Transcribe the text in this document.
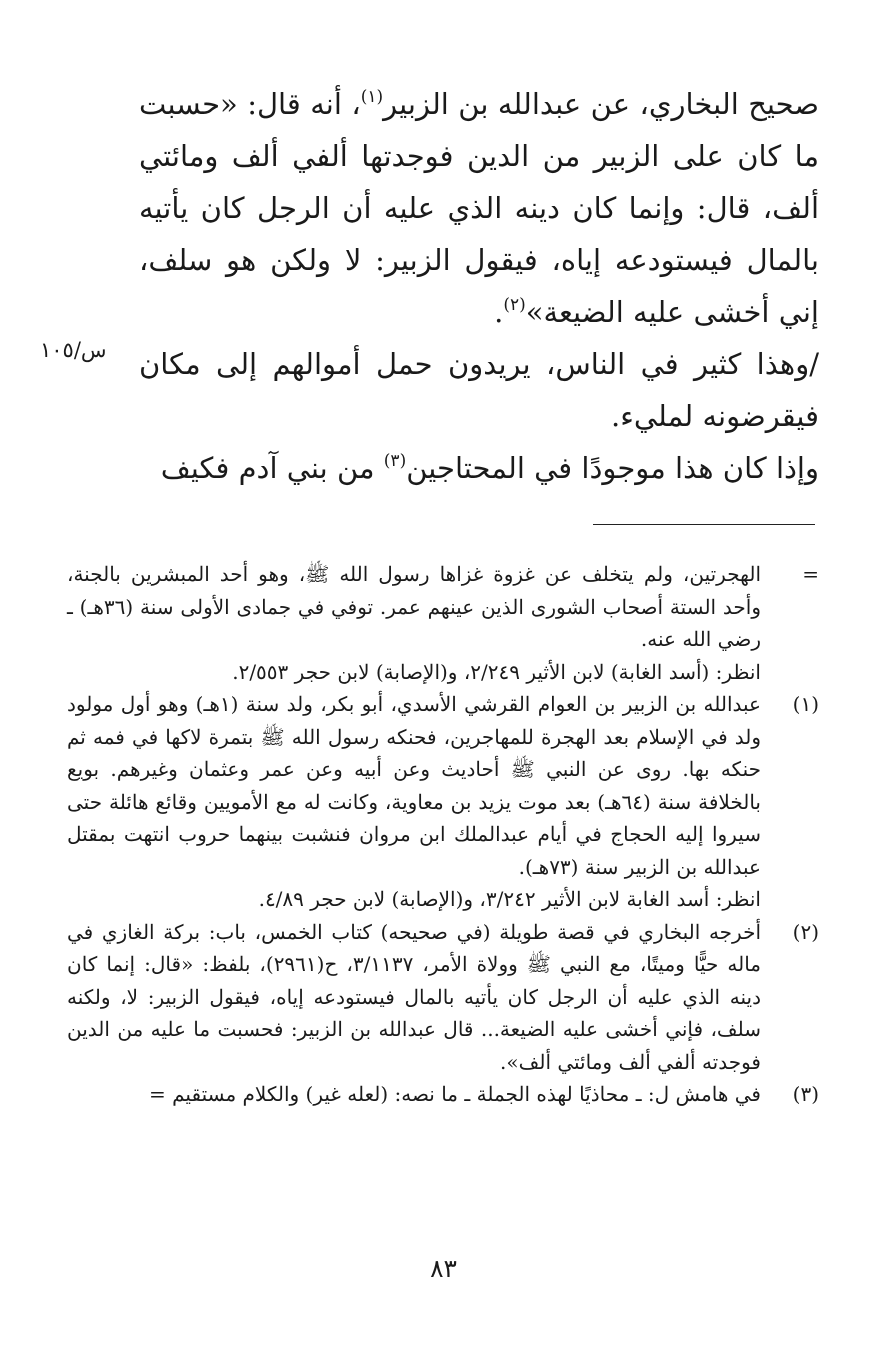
صحيح البخاري، عن عبدالله بن الزبير$^{(١)}$، أنه قال: «حسبت ما كان على الزبير من الدين فوجدتها ألفي ألف ومائتي ألف، قال: وإنما كان دينه الذي عليه أن الرجل كان يأتيه بالمال فيستودعه إياه، فيقول الزبير: لا ولكن هو سلف، إني أخشى عليه الضيعة»$^{(٢)}$.

/وهذا كثير في الناس، يريدون حمل أموالهم إلى مكان فيقرضونه لمليء.

وإذا كان هذا موجودًا في المحتاجين$^{(٣)}$ من بني آدم فكيف

س/١٠٥
=

الهجرتين، ولم يتخلف عن غزوة غزاها رسول الله ﷺ، وهو أحد المبشرين بالجنة، وأحد الستة أصحاب الشورى الذين عينهم عمر. توفي في جمادى الأولى سنة (٣٦هـ) ـ رضي الله عنه.

انظر: (أسد الغابة) لابن الأثير ٢/٢٤٩، و(الإصابة) لابن حجر ٢/٥٥٣.

(١)

عبدالله بن الزبير بن العوام القرشي الأسدي، أبو بكر، ولد سنة (١هـ) وهو أول مولود ولد في الإسلام بعد الهجرة للمهاجرين، فحنكه رسول الله ﷺ بتمرة لاكها في فمه ثم حنكه بها. روى عن النبي ﷺ أحاديث وعن أبيه وعن عمر وعثمان وغيرهم. بويع بالخلافة سنة (٦٤هـ) بعد موت يزيد بن معاوية، وكانت له مع الأمويين وقائع هائلة حتى سيروا إليه الحجاج في أيام عبدالملك ابن مروان فنشبت بينهما حروب انتهت بمقتل عبدالله بن الزبير سنة (٧٣هـ).

انظر: أسد الغابة لابن الأثير ٣/٢٤٢، و(الإصابة) لابن حجر ٤/٨٩.

(٢)

أخرجه البخاري في قصة طويلة (في صحيحه) كتاب الخمس، باب: بركة الغازي في ماله حيًّا وميتًا، مع النبي ﷺ وولاة الأمر، ٣/١١٣٧، ح(٢٩٦١)، بلفظ: «قال: إنما كان دينه الذي عليه أن الرجل كان يأتيه بالمال فيستودعه إياه، فيقول الزبير: لا، ولكنه سلف، فإني أخشى عليه الضيعة... قال عبدالله بن الزبير: فحسبت ما عليه من الدين فوجدته ألفي ألف ومائتي ألف».

(٣)

في هامش ل: ـ محاذيًا لهذه الجملة ـ ما نصه: (لعله غير) والكلام مستقيم =

٨٣
